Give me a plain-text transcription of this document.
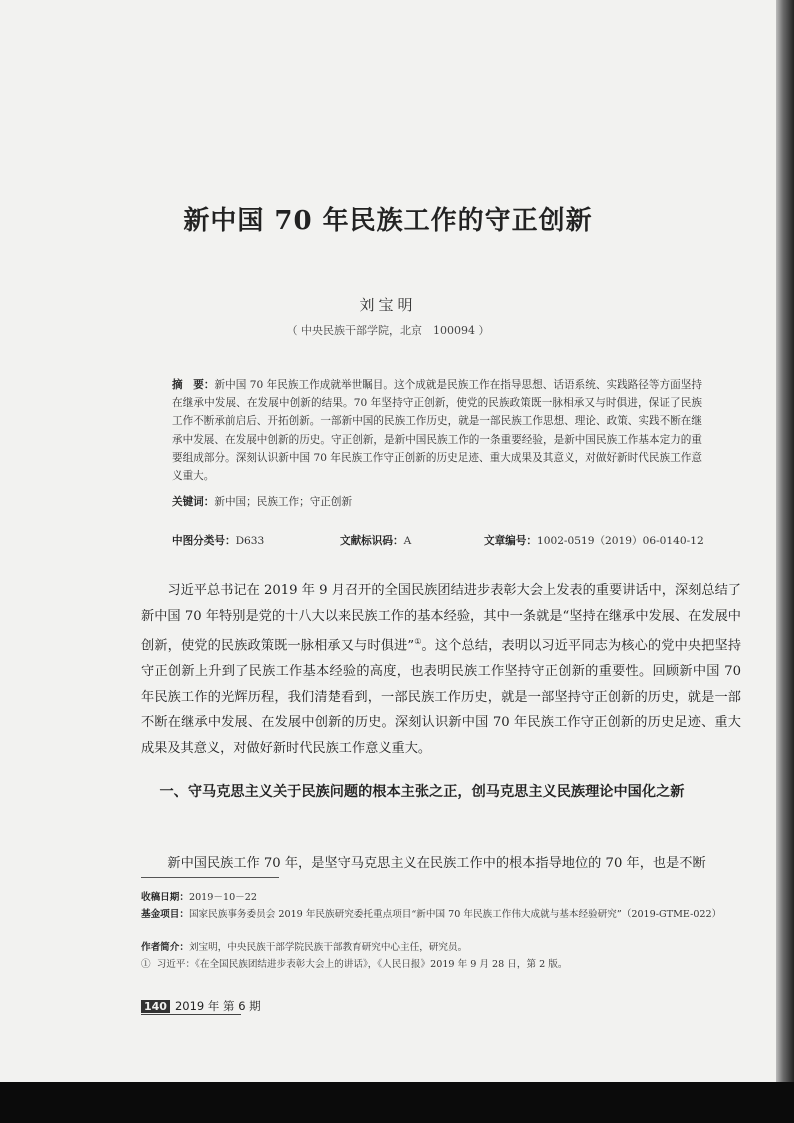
新中国 70 年民族工作的守正创新
刘宝明
（ 中央民族干部学院，北京　100094 ）
摘　要：新中国 70 年民族工作成就举世瞩目。这个成就是民族工作在指导思想、话语系统、实践路径等方面坚持在继承中发展、在发展中创新的结果。70 年坚持守正创新，使党的民族政策既一脉相承又与时俱进，保证了民族工作不断承前启后、开拓创新。一部新中国的民族工作历史，就是一部民族工作思想、理论、政策、实践不断在继承中发展、在发展中创新的历史。守正创新，是新中国民族工作的一条重要经验，是新中国民族工作基本定力的重要组成部分。深刻认识新中国 70 年民族工作守正创新的历史足迹、重大成果及其意义，对做好新时代民族工作意义重大。
关键词：新中国；民族工作；守正创新
中图分类号：D633	文献标识码：A	文章编号：1002-0519（2019）06-0140-12
习近平总书记在 2019 年 9 月召开的全国民族团结进步表彰大会上发表的重要讲话中，深刻总结了新中国 70 年特别是党的十八大以来民族工作的基本经验，其中一条就是“坚持在继承中发展、在发展中创新，使党的民族政策既一脉相承又与时俱进”①。这个总结，表明以习近平同志为核心的党中央把坚持守正创新上升到了民族工作基本经验的高度，也表明民族工作坚持守正创新的重要性。回顾新中国 70 年民族工作的光辉历程，我们清楚看到，一部民族工作历史，就是一部坚持守正创新的历史，就是一部不断在继承中发展、在发展中创新的历史。深刻认识新中国 70 年民族工作守正创新的历史足迹、重大成果及其意义，对做好新时代民族工作意义重大。
一、守马克思主义关于民族问题的根本主张之正，创马克思主义民族理论中国化之新
新中国民族工作 70 年，是坚守马克思主义在民族工作中的根本指导地位的 70 年，也是不断
收稿日期：2019－10－22
基金项目：国家民族事务委员会 2019 年民族研究委托重点项目“新中国 70 年民族工作伟大成就与基本经验研究”（2019-GTME-022）
作者简介：刘宝明，中央民族干部学院民族干部教育研究中心主任，研究员。
① 习近平：《在全国民族团结进步表彰大会上的讲话》，《人民日报》2019 年 9 月 28 日，第 2 版。
140 2019 年 第 6 期
